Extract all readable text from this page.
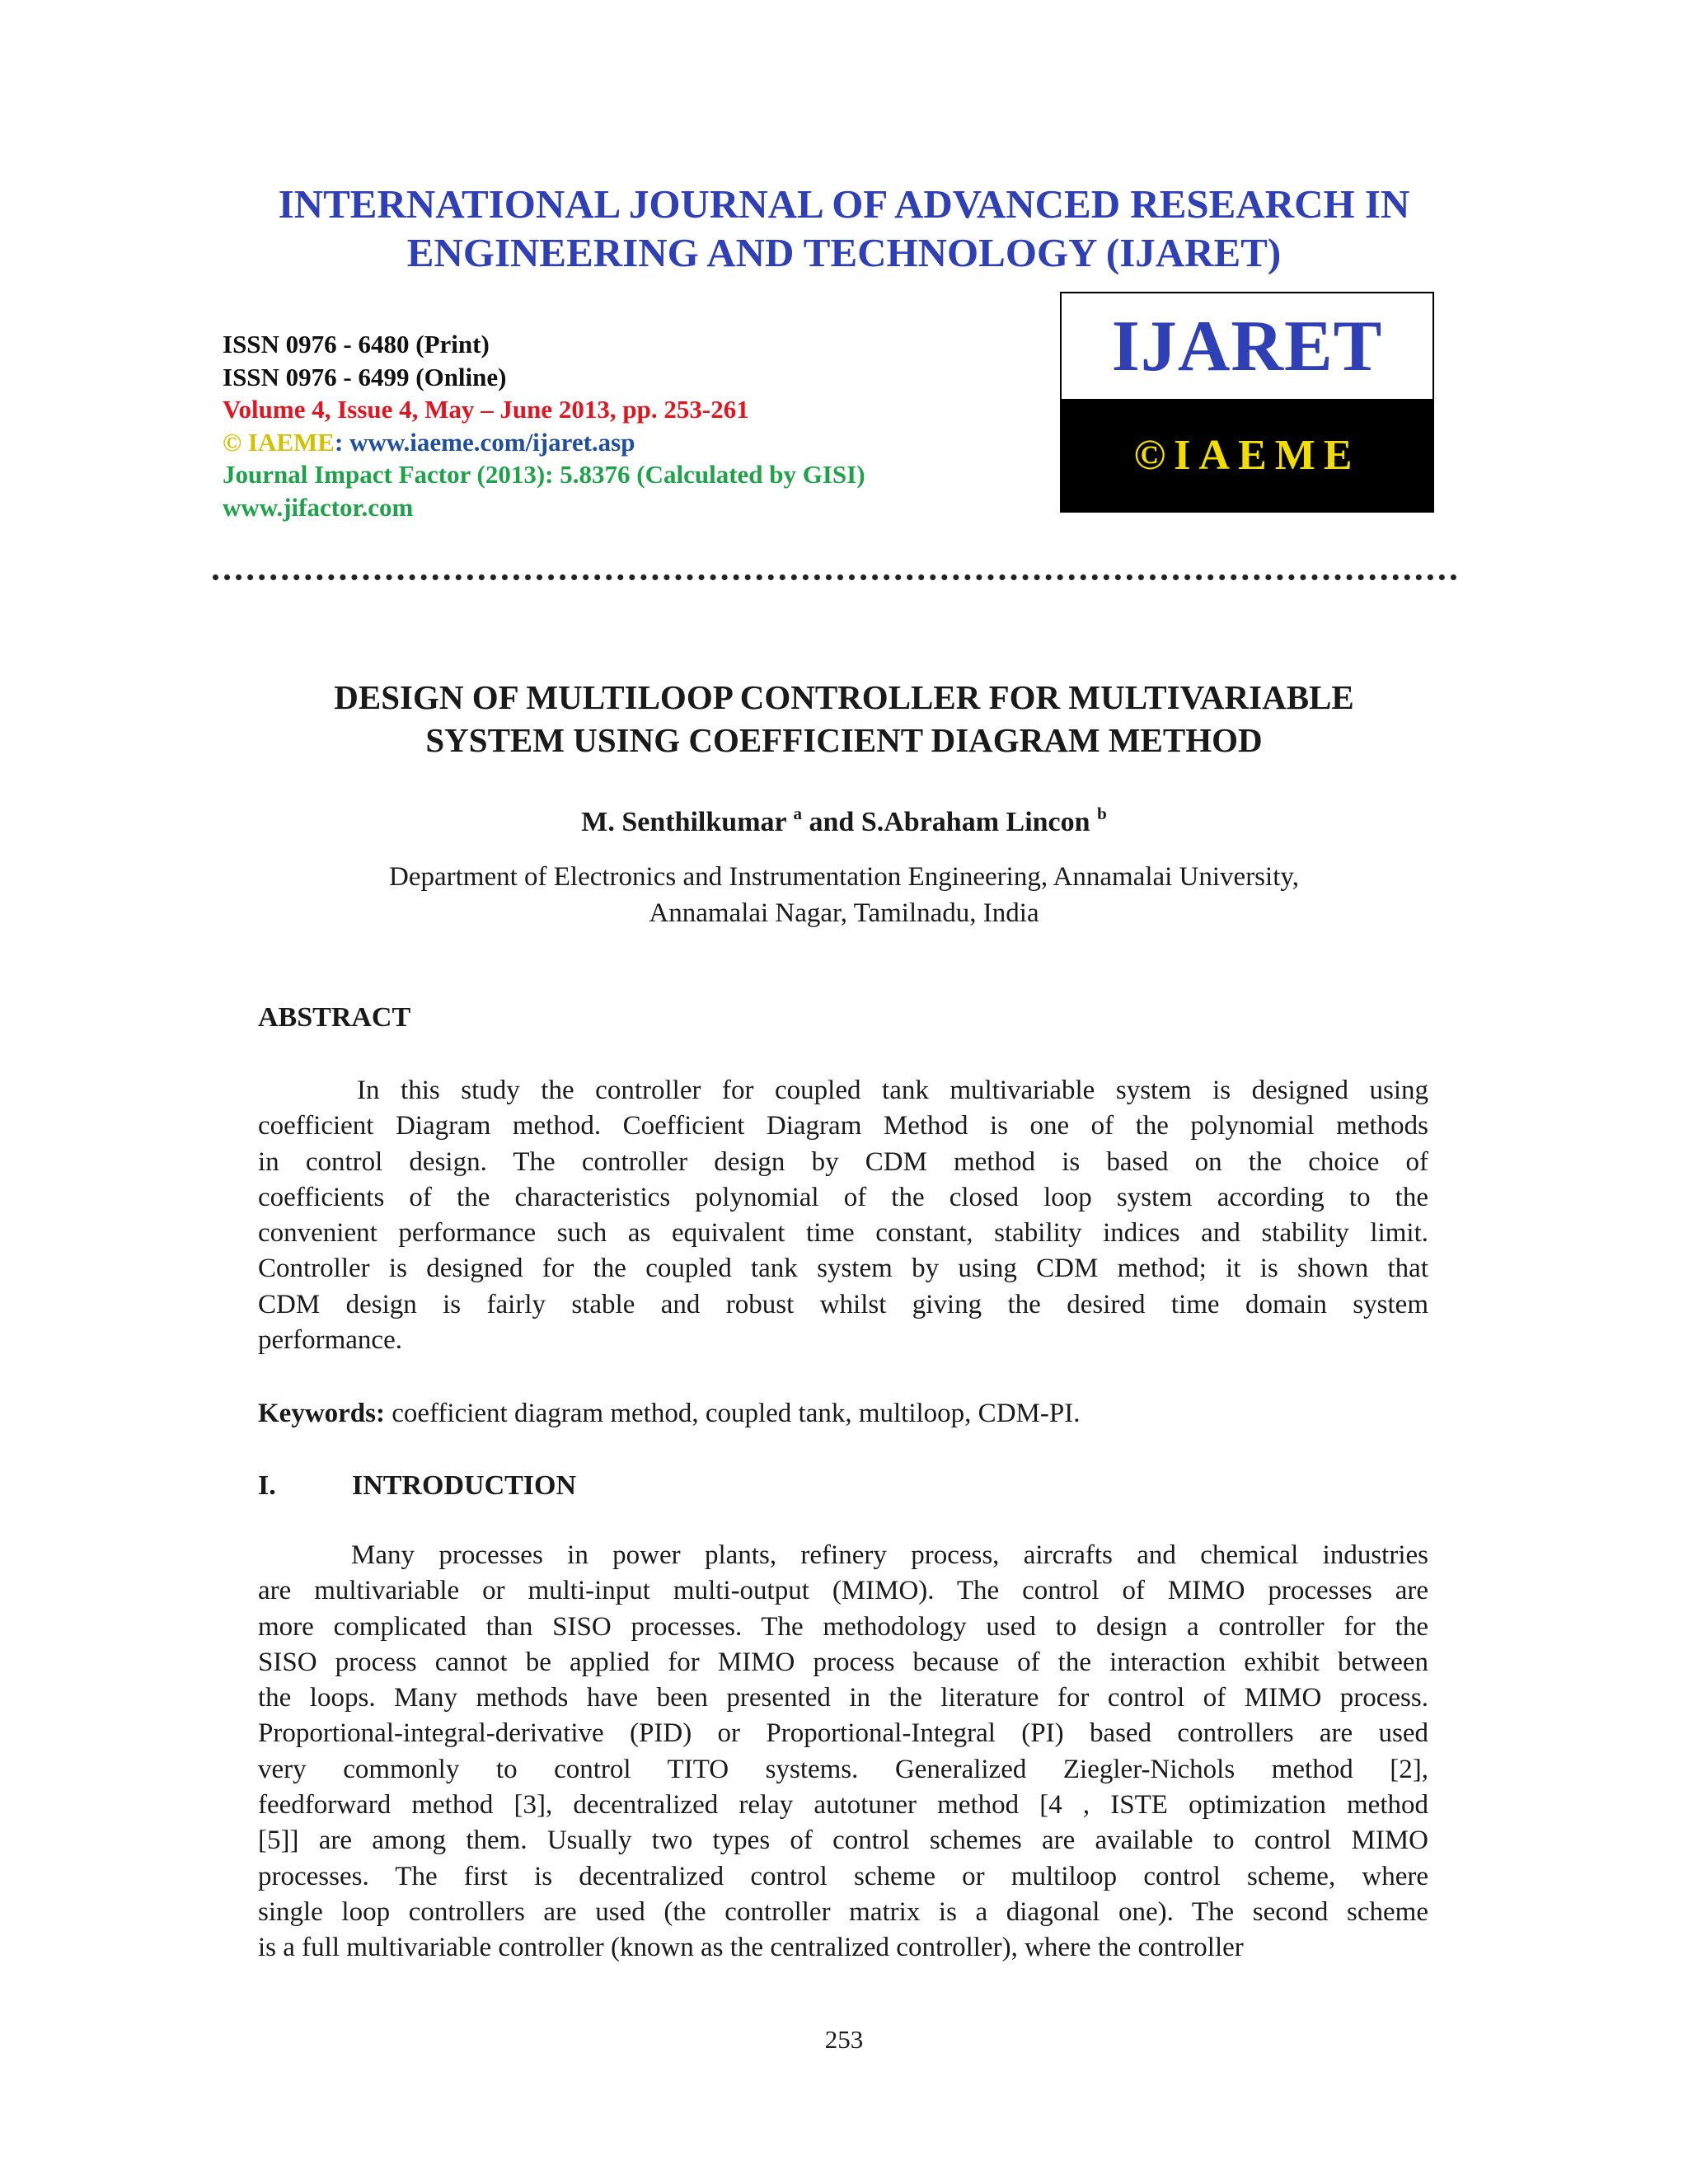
INTERNATIONAL JOURNAL OF ADVANCED RESEARCH IN
ENGINEERING AND TECHNOLOGY (IJARET)
ISSN 0976 - 6480 (Print)
ISSN 0976 - 6499 (Online)
Volume 4, Issue 4, May – June 2013, pp. 253-261
© IAEME: www.iaeme.com/ijaret.asp
Journal Impact Factor (2013): 5.8376 (Calculated by GISI)
www.jifactor.com
IJARET
©IAEME
DESIGN OF MULTILOOP CONTROLLER FOR MULTIVARIABLE
SYSTEM USING COEFFICIENT DIAGRAM METHOD
M. Senthilkumar $^a$ and S.Abraham Lincon $^b$
Department of Electronics and Instrumentation Engineering, Annamalai University,
Annamalai Nagar, Tamilnadu, India
ABSTRACT
In this study the controller for coupled tank multivariable system is designed using
coefficient Diagram method. Coefficient Diagram Method is one of the polynomial methods
in control design. The controller design by CDM method is based on the choice of
coefficients of the characteristics polynomial of the closed loop system according to the
convenient performance such as equivalent time constant, stability indices and stability limit.
Controller is designed for the coupled tank system by using CDM method; it is shown that
CDM design is fairly stable and robust whilst giving the desired time domain system
performance.
Keywords: coefficient diagram method, coupled tank, multiloop, CDM-PI.
I.	INTRODUCTION
Many processes in power plants, refinery process, aircrafts and chemical industries
are multivariable or multi-input multi-output (MIMO). The control of MIMO processes are
more complicated than SISO processes. The methodology used to design a controller for the
SISO process cannot be applied for MIMO process because of the interaction exhibit between
the loops. Many methods have been presented in the literature for control of MIMO process.
Proportional-integral-derivative (PID) or Proportional-Integral (PI) based controllers are used
very commonly to control TITO systems. Generalized Ziegler-Nichols method [2],
feedforward method [3], decentralized relay autotuner method [4 , ISTE optimization method
[5]] are among them. Usually two types of control schemes are available to control MIMO
processes. The first is decentralized control scheme or multiloop control scheme, where
single loop controllers are used (the controller matrix is a diagonal one). The second scheme
is a full multivariable controller (known as the centralized controller), where the controller
253
